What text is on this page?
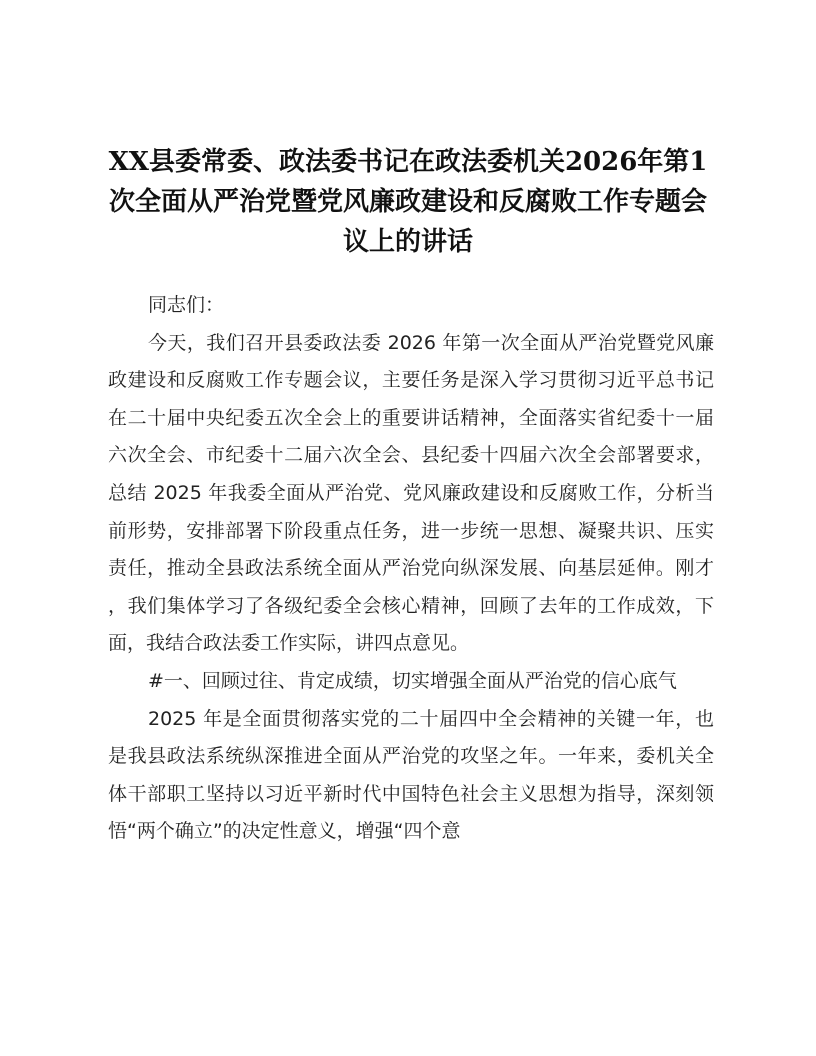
XX县委常委、政法委书记在政法委机关2026年第1次全面从严治党暨党风廉政建设和反腐败工作专题会议上的讲话

同志们：

今天，我们召开县委政法委 2026 年第一次全面从严治党暨党风廉政建设和反腐败工作专题会议，主要任务是深入学习贯彻习近平总书记在二十届中央纪委五次全会上的重要讲话精神，全面落实省纪委十一届六次全会、市纪委十二届六次全会、县纪委十四届六次全会部署要求，总结 2025 年我委全面从严治党、党风廉政建设和反腐败工作，分析当前形势，安排部署下阶段重点任务，进一步统一思想、凝聚共识、压实责任，推动全县政法系统全面从严治党向纵深发展、向基层延伸。刚才，我们集体学习了各级纪委全会核心精神，回顾了去年的工作成效，下面，我结合政法委工作实际，讲四点意见。

#一、回顾过往、肯定成绩，切实增强全面从严治党的信心底气

2025 年是全面贯彻落实党的二十届四中全会精神的关键一年，也是我县政法系统纵深推进全面从严治党的攻坚之年。一年来，委机关全体干部职工坚持以习近平新时代中国特色社会主义思想为指导，深刻领悟“两个确立”的决定性意义，增强“四个意
